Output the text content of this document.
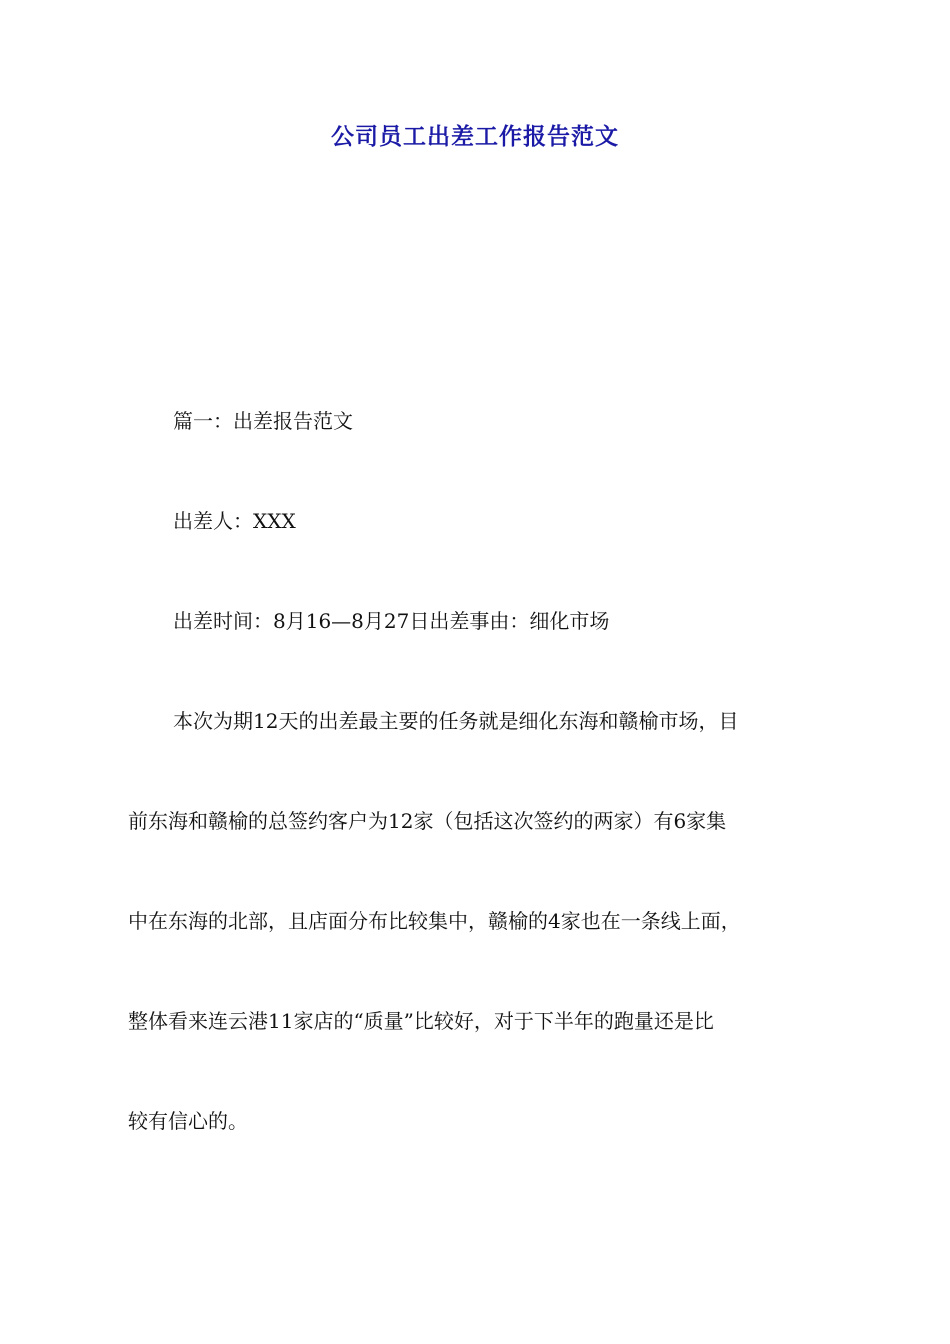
公司员工出差工作报告范文
篇一：出差报告范文
出差人：XXX
出差时间：8月16—8月27日出差事由：细化市场
本次为期12天的出差最主要的任务就是细化东海和赣榆市场，目
前东海和赣榆的总签约客户为12家（包括这次签约的两家）有6家集
中在东海的北部，且店面分布比较集中，赣榆的4家也在一条线上面，
整体看来连云港11家店的“质量”比较好，对于下半年的跑量还是比
较有信心的。
